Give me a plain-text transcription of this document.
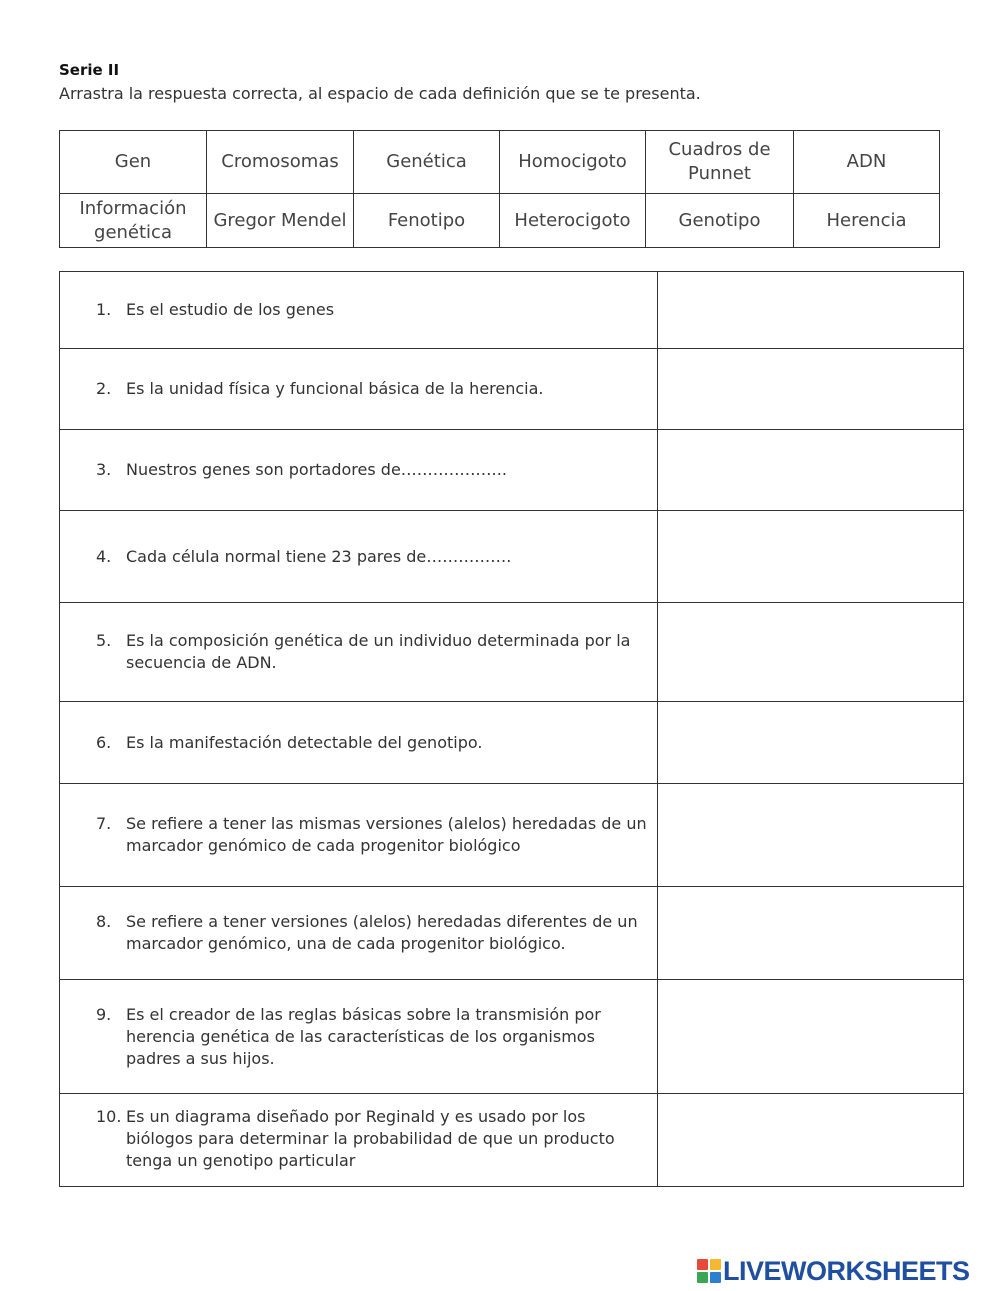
Serie II
Arrastra la respuesta correcta, al espacio de cada definición que se te presenta.
Gen	Cromosomas	Genética	Homocigoto	Cuadros de Punnet	ADN
Información genética	Gregor Mendel	Fenotipo	Heterocigoto	Genotipo	Herencia
1. Es el estudio de los genes	

2. Es la unidad física y funcional básica de la herencia.	

3. Nuestros genes son portadores de………………..	

4. Cada célula normal tiene 23 pares de…………….	

5. Es la composición genética de un individuo determinada por la secuencia de ADN.	

6. Es la manifestación detectable del genotipo.	

7. Se refiere a tener las mismas versiones (alelos) heredadas de un marcador genómico de cada progenitor biológico	

8. Se refiere a tener versiones (alelos) heredadas diferentes de un marcador genómico, una de cada progenitor biológico.	

9. Es el creador de las reglas básicas sobre la transmisión por herencia genética de las características de los organismos padres a sus hijos.	

10. Es un diagrama diseñado por Reginald y es usado por los biólogos para determinar la probabilidad de que un producto tenga un genotipo particular	

LIVEWORKSHEETS
